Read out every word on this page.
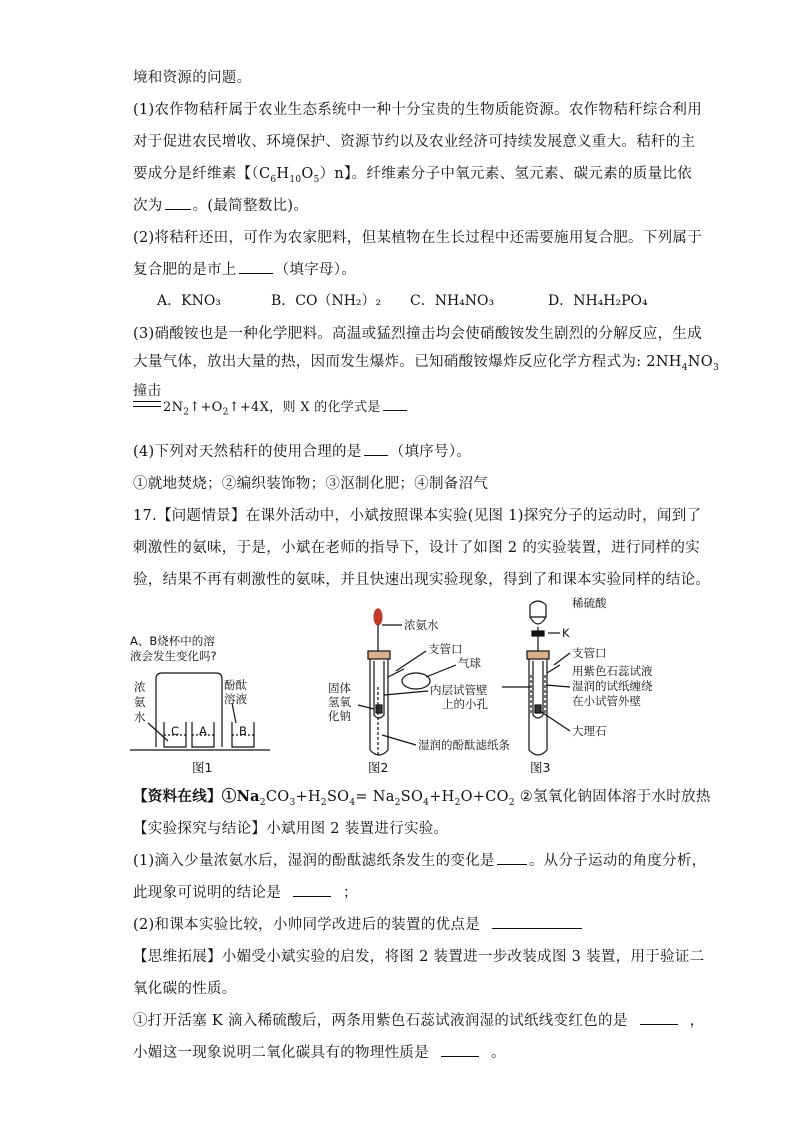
境和资源的问题。
(1)农作物秸秆属于农业生态系统中一种十分宝贵的生物质能资源。农作物秸秆综合利用
对于促进农民增收、环境保护、资源节约以及农业经济可持续发展意义重大。秸秆的主
要成分是纤维素【$(C_6H_{10}O_5)n$】。纤维素分子中氧元素、氢元素、碳元素的质量比依
次为 。(最简整数比)。
(2)将秸秆还田，可作为农家肥料，但某植物在生长过程中还需要施用复合肥。下列属于
复合肥的是市上	（填字母）。
A．KNO₃	B．CO（NH₂）₂ C．NH₄NO₃	D．NH₄H₂PO₄
(3)硝酸铵也是一种化学肥料。高温或猛烈撞击均会使硝酸铵发生剧烈的分解反应，生成
大量气体，放出大量的热，因而发生爆炸。已知硝酸铵爆炸反应化学方程式为: $2NH_4NO_3$
撞击
$2N_2↑+O_2↑+4X$，则 X 的化学式是
(4)下列对天然秸秆的使用合理的是 （填序号）。
①就地焚烧；②编织装饰物；③沤制化肥；④制备沼气
17.【问题情景】在课外活动中，小斌按照课本实验(见图 1)探究分子的运动时，闻到了
刺激性的氨味，于是，小斌在老师的指导下，设计了如图 2 的实验装置，进行同样的实
验，结果不再有刺激性的氨味，并且快速出现实验现象，得到了和课本实验同样的结论。
A、B烧杯中的溶
液会发生变化吗?
浓
氨
水
酚酞
溶液
C A	B
图1
浓氨水
支管口
气球
固体
氢氧
化钠
内层试管壁
上的小孔
湿润的酚酞滤纸条
图2
稀硫酸
K
支管口
用紫色石蕊试液
湿润的试纸缠绕
在小试管外壁
大理石
图3
【资料在线】$①Na_2CO_3+H_2SO_4= Na_2SO_4+H_2O+CO_2$ ②氢氧化钠固体溶于水时放热
【实验探究与结论】小斌用图 2 装置进行实验。
(1)滴入少量浓氨水后，湿润的酚酞滤纸条发生的变化是 。从分子运动的角度分析，
此现象可说明的结论是	；
(2)和课本实验比较，小帅同学改进后的装置的优点是
【思维拓展】小媚受小斌实验的启发，将图 2 装置进一步改装成图 3 装置，用于验证二
氧化碳的性质。
①打开活塞 K 滴入稀硫酸后，两条用紫色石蕊试液润湿的试纸线变红色的是	，
小媚这一现象说明二氧化碳具有的物理性质是	。
